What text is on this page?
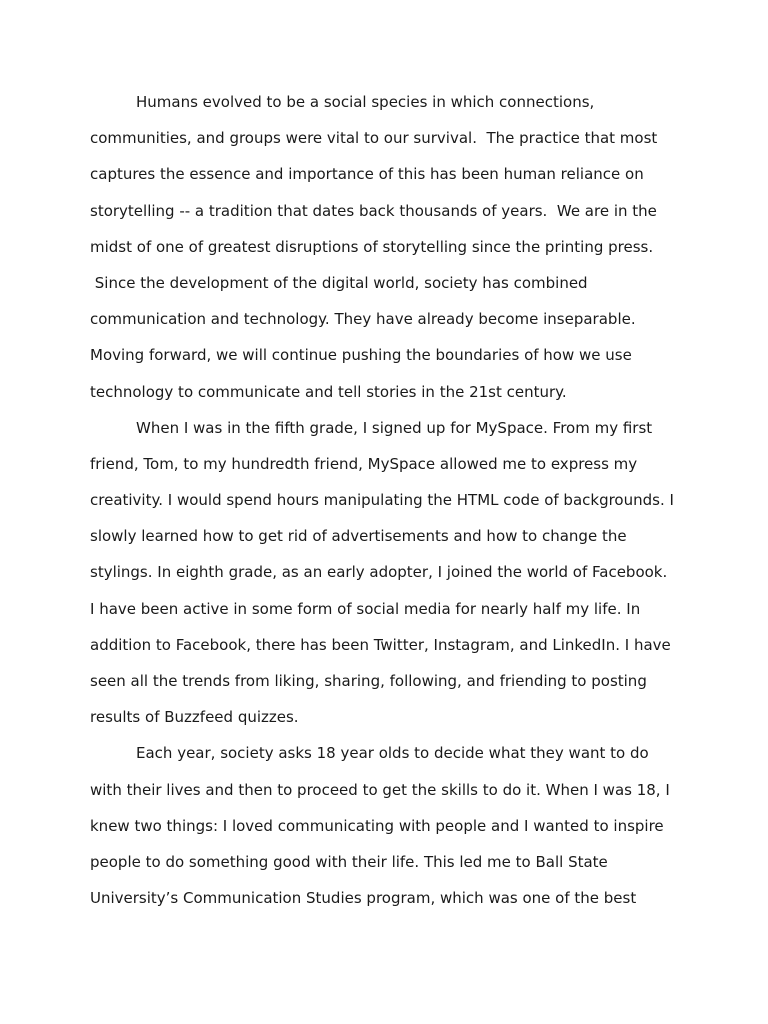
Humans evolved to be a social species in which connections,
communities, and groups were vital to our survival.  The practice that most
captures the essence and importance of this has been human reliance on
storytelling -- a tradition that dates back thousands of years.  We are in the
midst of one of greatest disruptions of storytelling since the printing press.
Since the development of the digital world, society has combined
communication and technology. They have already become inseparable.
Moving forward, we will continue pushing the boundaries of how we use
technology to communicate and tell stories in the 21st century.
When I was in the fifth grade, I signed up for MySpace. From my first
friend, Tom, to my hundredth friend, MySpace allowed me to express my
creativity. I would spend hours manipulating the HTML code of backgrounds. I
slowly learned how to get rid of advertisements and how to change the
stylings. In eighth grade, as an early adopter, I joined the world of Facebook.
I have been active in some form of social media for nearly half my life. In
addition to Facebook, there has been Twitter, Instagram, and LinkedIn. I have
seen all the trends from liking, sharing, following, and friending to posting
results of Buzzfeed quizzes.
Each year, society asks 18 year olds to decide what they want to do
with their lives and then to proceed to get the skills to do it. When I was 18, I
knew two things: I loved communicating with people and I wanted to inspire
people to do something good with their life. This led me to Ball State
University’s Communication Studies program, which was one of the best
